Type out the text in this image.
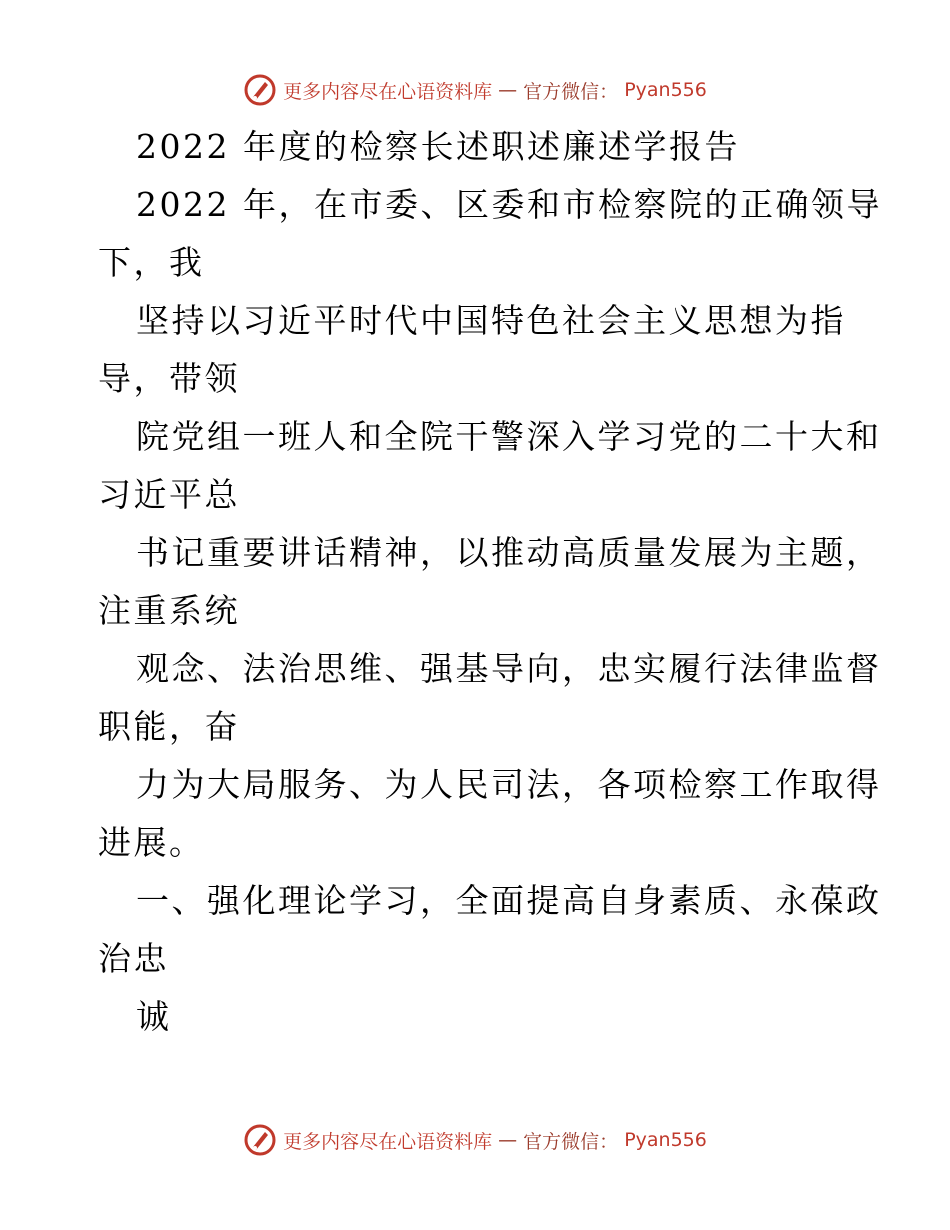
更多内容尽在心语资料库 — 官方微信： Pyan556
2022 年度的检察长述职述廉述学报告
2022 年，在市委、区委和市检察院的正确领导
下，我
坚持以习近平时代中国特色社会主义思想为指
导，带领
院党组一班人和全院干警深入学习党的二十大和
习近平总
书记重要讲话精神，以推动高质量发展为主题，
注重系统
观念、法治思维、强基导向，忠实履行法律监督
职能，奋
力为大局服务、为人民司法，各项检察工作取得
进展。
一、强化理论学习，全面提高自身素质、永葆政
治忠
诚
更多内容尽在心语资料库 — 官方微信： Pyan556
